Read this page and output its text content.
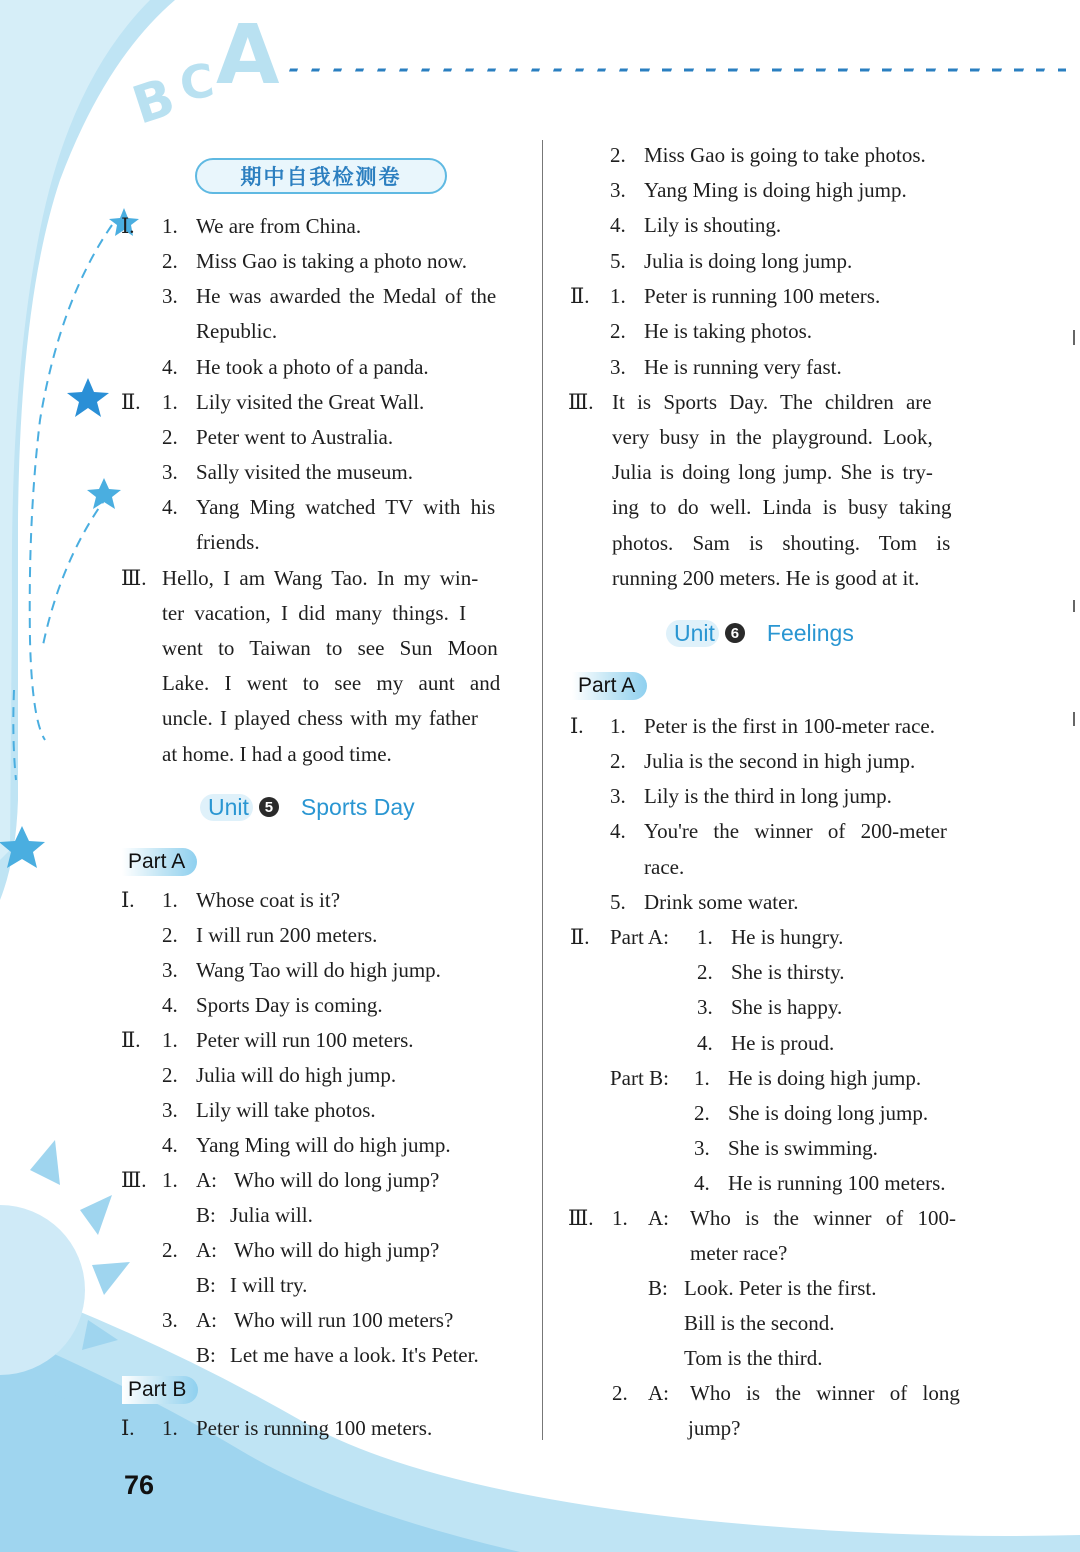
B
C
A
期中自我检测卷
Ⅰ. 1. We are from China.
2. Miss Gao is taking a photo now.
3. He was awarded the Medal of the
Republic.
4. He took a photo of a panda.
Ⅱ. 1. Lily visited the Great Wall.
2. Peter went to Australia.
3. Sally visited the museum.
4. Yang Ming watched TV with his
friends.
Ⅲ. Hello, I am Wang Tao. In my win-
ter vacation, I did many things. I
went to Taiwan to see Sun Moon
Lake. I went to see my aunt and
uncle. I played chess with my father
at home. I had a good time.
Unit	5 Sports Day
Part A
Ⅰ. 1. Whose coat is it?
2. I will run 200 meters.
3. Wang Tao will do high jump.
4. Sports Day is coming.
Ⅱ. 1. Peter will run 100 meters.
2. Julia will do high jump.
3. Lily will take photos.
4. Yang Ming will do high jump.
Ⅲ. 1. A: Who will do long jump?
B: Julia will.
2. A: Who will do high jump?
B: I will try.
3. A: Who will run 100 meters?
B: Let me have a look. It's Peter.
Part B
Ⅰ. 1. Peter is running 100 meters.
2. Miss Gao is going to take photos.
3. Yang Ming is doing high jump.
4. Lily is shouting.
5. Julia is doing long jump.
Ⅱ. 1. Peter is running 100 meters.
2. He is taking photos.
3. He is running very fast.
Ⅲ. It is Sports Day. The children are
very busy in the playground. Look,
Julia is doing long jump. She is try-
ing to do well. Linda is busy taking
photos. Sam is shouting. Tom is
running 200 meters. He is good at it.
Unit	6 Feelings
Part A
Ⅰ. 1. Peter is the first in 100-meter race.
2. Julia is the second in high jump.
3. Lily is the third in long jump.
4. You're the winner of 200-meter
race.
5. Drink some water.
Ⅱ. Part A: 1. He is hungry.
2. She is thirsty.
3. She is happy.
4. He is proud.
Part B: 1. He is doing high jump.
2. She is doing long jump.
3. She is swimming.
4. He is running 100 meters.
Ⅲ. 1. A: Who is the winner of 100-
meter race?
B: Look. Peter is the first.
Bill is the second.
Tom is the third.
2. A: Who is the winner of long
jump?
76
